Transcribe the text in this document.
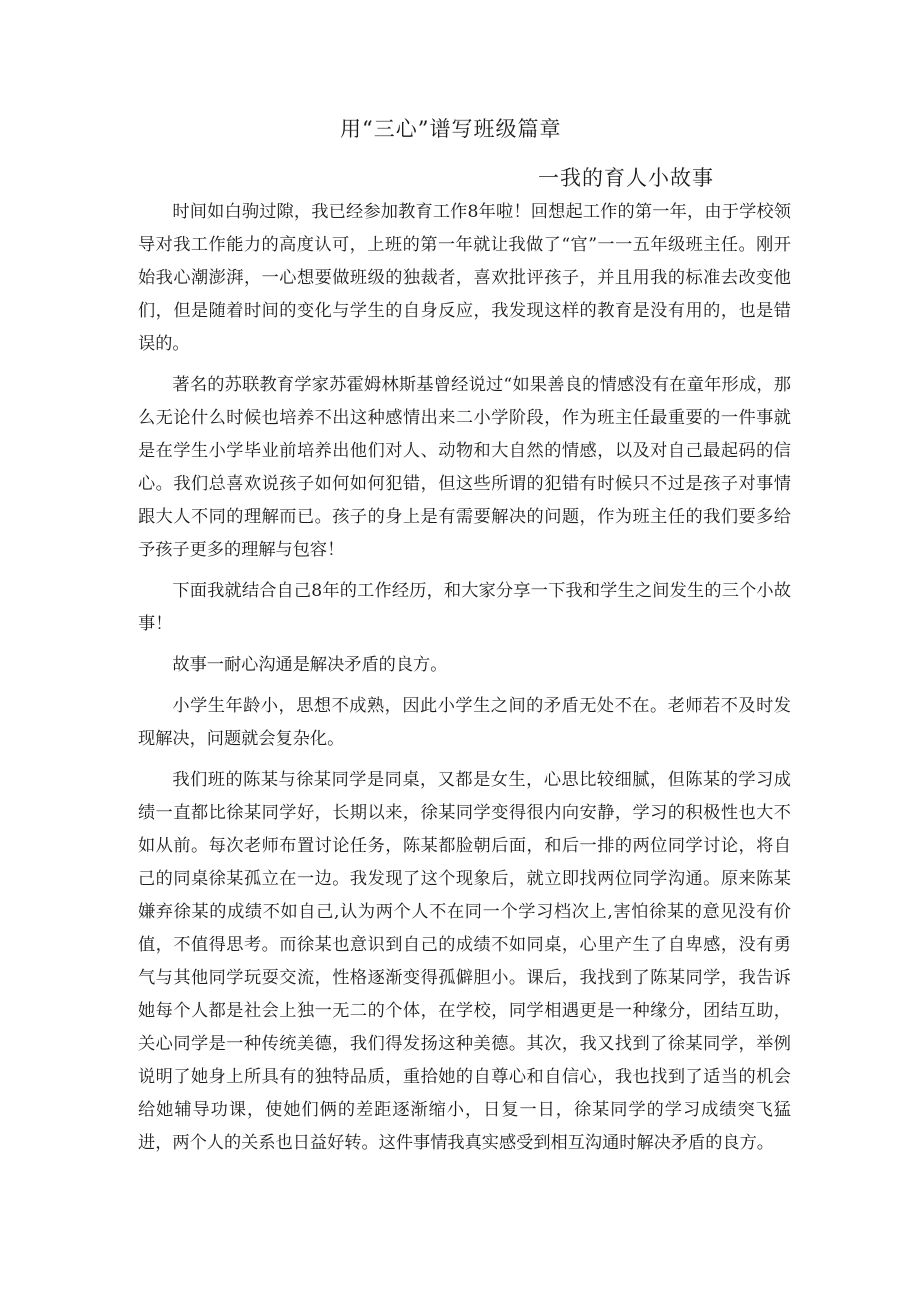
用“三心”谱写班级篇章
一我的育人小故事

时间如白驹过隙，我已经参加教育工作8年啦！回想起工作的第一年，由于学校领导对我工作能力的高度认可，上班的第一年就让我做了“官”一一五年级班主任。刚开始我心潮澎湃，一心想要做班级的独裁者，喜欢批评孩子，并且用我的标准去改变他们，但是随着时间的变化与学生的自身反应，我发现这样的教育是没有用的，也是错误的。

著名的苏联教育学家苏霍姆林斯基曾经说过“如果善良的情感没有在童年形成，那么无论什么时候也培养不出这种感情出来二小学阶段，作为班主任最重要的一件事就是在学生小学毕业前培养出他们对人、动物和大自然的情感，以及对自己最起码的信心。我们总喜欢说孩子如何如何犯错，但这些所谓的犯错有时候只不过是孩子对事情跟大人不同的理解而已。孩子的身上是有需要解决的问题，作为班主任的我们要多给予孩子更多的理解与包容！

下面我就结合自己8年的工作经历，和大家分享一下我和学生之间发生的三个小故事！

故事一耐心沟通是解决矛盾的良方。

小学生年龄小，思想不成熟，因此小学生之间的矛盾无处不在。老师若不及时发现解决，问题就会复杂化。

我们班的陈某与徐某同学是同桌，又都是女生，心思比较细腻，但陈某的学习成绩一直都比徐某同学好，长期以来，徐某同学变得很内向安静，学习的积极性也大不如从前。每次老师布置讨论任务，陈某都脸朝后面，和后一排的两位同学讨论，将自己的同桌徐某孤立在一边。我发现了这个现象后，就立即找两位同学沟通。原来陈某嫌弃徐某的成绩不如自己,认为两个人不在同一个学习档次上,害怕徐某的意见没有价值，不值得思考。而徐某也意识到自己的成绩不如同桌，心里产生了自卑感，没有勇气与其他同学玩耍交流，性格逐渐变得孤僻胆小。课后，我找到了陈某同学，我告诉她每个人都是社会上独一无二的个体，在学校，同学相遇更是一种缘分，团结互助，关心同学是一种传统美德，我们得发扬这种美德。其次，我又找到了徐某同学，举例说明了她身上所具有的独特品质，重拾她的自尊心和自信心，我也找到了适当的机会给她辅导功课，使她们俩的差距逐渐缩小，日复一日，徐某同学的学习成绩突飞猛进，两个人的关系也日益好转。这件事情我真实感受到相互沟通时解决矛盾的良方。
